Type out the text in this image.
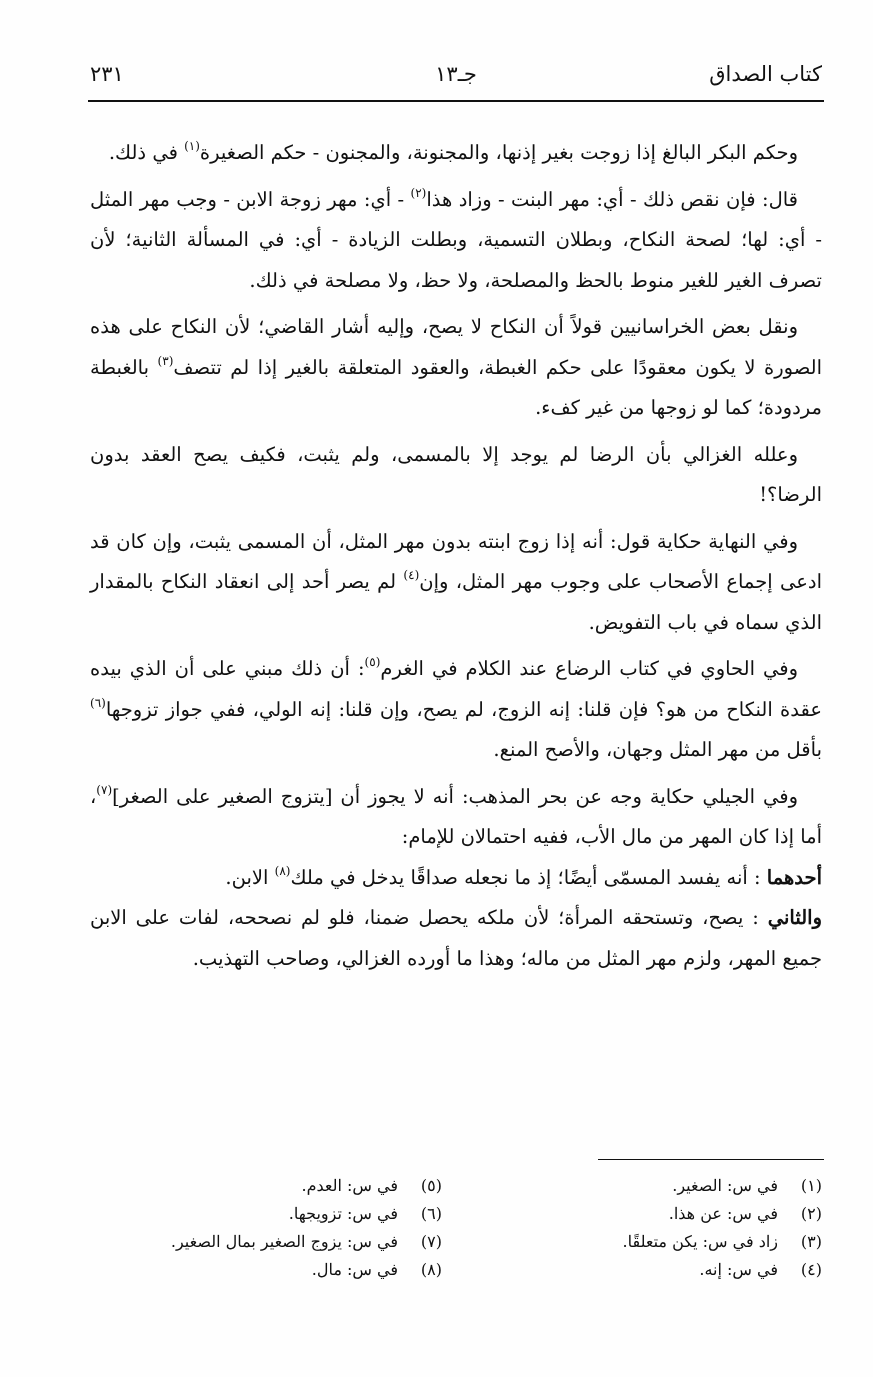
كتاب الصداق
جـ١٣
٢٣١

وحكم البكر البالغ إذا زوجت بغير إذنها، والمجنونة، والمجنون - حكم الصغيرة$^{(١)}$ في ذلك.

قال: فإن نقص ذلك - أي: مهر البنت - وزاد هذا$^{(٢)}$ - أي: مهر زوجة الابن - وجب مهر المثل - أي: لها؛ لصحة النكاح، وبطلان التسمية، وبطلت الزيادة - أي: في المسألة الثانية؛ لأن تصرف الغير للغير منوط بالحظ والمصلحة، ولا حظ، ولا مصلحة في ذلك.

ونقل بعض الخراسانيين قولاً أن النكاح لا يصح، وإليه أشار القاضي؛ لأن النكاح على هذه الصورة لا يكون معقودًا على حكم الغبطة، والعقود المتعلقة بالغير إذا لم تتصف$^{(٣)}$ بالغبطة مردودة؛ كما لو زوجها من غير كفء.

وعلله الغزالي بأن الرضا لم يوجد إلا بالمسمى، ولم يثبت، فكيف يصح العقد بدون الرضا؟!

وفي النهاية حكاية قول: أنه إذا زوج ابنته بدون مهر المثل، أن المسمى يثبت، وإن كان قد ادعى إجماع الأصحاب على وجوب مهر المثل، وإن$^{(٤)}$ لم يصر أحد إلى انعقاد النكاح بالمقدار الذي سماه في باب التفويض.

وفي الحاوي في كتاب الرضاع عند الكلام في الغرم$^{(٥)}$: أن ذلك مبني على أن الذي بيده عقدة النكاح من هو؟ فإن قلنا: إنه الزوج، لم يصح، وإن قلنا: إنه الولي، ففي جواز تزوجها$^{(٦)}$ بأقل من مهر المثل وجهان، والأصح المنع.

وفي الجيلي حكاية وجه عن بحر المذهب: أنه لا يجوز أن [يتزوج الصغير على الصغر]$^{(٧)}$، أما إذا كان المهر من مال الأب، ففيه احتمالان للإمام:

أحدهما : أنه يفسد المسمّى أيضًا؛ إذ ما نجعله صداقًا يدخل في ملك$^{(٨)}$ الابن.

والثاني : يصح، وتستحقه المرأة؛ لأن ملكه يحصل ضمنا، فلو لم نصححه، لفات على الابن جميع المهر، ولزم مهر المثل من ماله؛ وهذا ما أورده الغزالي، وصاحب التهذيب.

(١)في س: الصغير.
(٢)في س: عن هذا.
(٣)زاد في س: يكن متعلقًا.
(٤)في س: إنه.
(٥)في س: العدم.
(٦)في س: تزويجها.
(٧)في س: يزوج الصغير بمال الصغير.
(٨)في س: مال.
